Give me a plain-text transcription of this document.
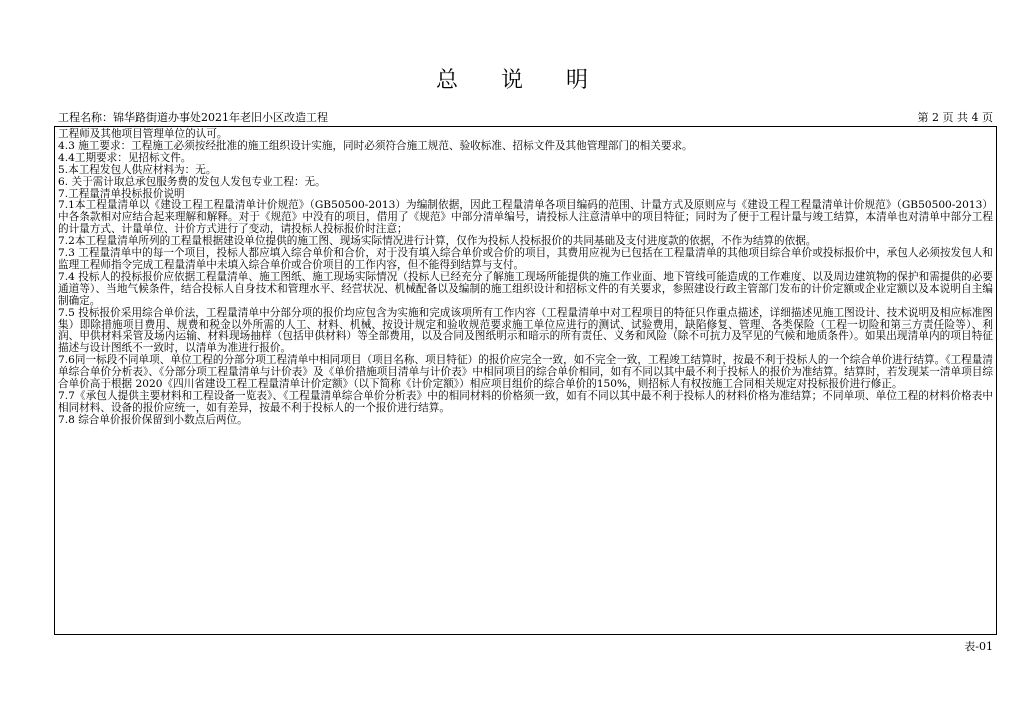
总 说 明
工程名称：锦华路街道办事处2021年老旧小区改造工程	第 2 页 共 4 页

工程师及其他项目管理单位的认可。

4.3 施工要求：工程施工必须按经批准的施工组织设计实施，同时必须符合施工规范、验收标准、招标文件及其他管理部门的相关要求。

4.4工期要求：见招标文件。

5.本工程发包人供应材料为：无。

6. 关于需计取总承包服务费的发包人发包专业工程：无。

7.工程量清单投标报价说明

7.1本工程量清单以《建设工程工程量清单计价规范》（GB50500-2013）为编制依据，因此工程量清单各项目编码的范围、计量方式及原则应与《建设工程工程量清单计价规范》（GB50500-2013）中各条款相对应结合起来理解和解释。对于《规范》中没有的项目，借用了《规范》中部分清单编号，请投标人注意清单中的项目特征；同时为了便于工程计量与竣工结算，本清单也对清单中部分工程的计量方式、计量单位、计价方式进行了变动，请投标人投标报价时注意；

7.2本工程量清单所列的工程量根据建设单位提供的施工图、现场实际情况进行计算，仅作为投标人投标报价的共同基础及支付进度款的依据，不作为结算的依据。

7.3 工程量清单中的每一个项目，投标人都应填入综合单价和合价，对于没有填入综合单价或合价的项目，其费用应视为已包括在工程量清单的其他项目综合单价或投标报价中，承包人必须按发包人和监理工程师指令完成工程量清单中未填入综合单价或合价项目的工作内容，但不能得到结算与支付。

7.4 投标人的投标报价应依据工程量清单、施工图纸、施工现场实际情况（投标人已经充分了解施工现场所能提供的施工作业面、地下管线可能造成的工作难度、以及周边建筑物的保护和需提供的必要通道等）、当地气候条件，结合投标人自身技术和管理水平、经营状况、机械配备以及编制的施工组织设计和招标文件的有关要求，参照建设行政主管部门发布的计价定额或企业定额以及本说明自主编制确定。

7.5 投标报价采用综合单价法，工程量清单中分部分项的报价均应包含为实施和完成该项所有工作内容（工程量清单中对工程项目的特征只作重点描述，详细描述见施工图设计、技术说明及相应标准图集）即除措施项目费用、规费和税金以外所需的人工、材料、机械、按设计规定和验收规范要求施工单位应进行的测试、试验费用，缺陷修复、管理、各类保险（工程一切险和第三方责任险等）、利润、甲供材料采管及场内运输、材料现场抽样（包括甲供材料）等全部费用，以及合同及图纸明示和暗示的所有责任、义务和风险（除不可抗力及罕见的气候和地质条件）。如果出现清单内的项目特征描述与设计图纸不一致时，以清单为准进行报价。

7.6同一标段不同单项、单位工程的分部分项工程清单中相同项目（项目名称、项目特征）的报价应完全一致，如不完全一致，工程竣工结算时，按最不利于投标人的一个综合单价进行结算。《工程量清单综合单价分析表》、《分部分项工程量清单与计价表》及《单价措施项目清单与计价表》中相同项目的综合单价相同，如有不同以其中最不利于投标人的报价为准结算。结算时，若发现某一清单项目综合单价高于根据 2020《四川省建设工程工程量清单计价定额》（以下简称《计价定额》）相应项目组价的综合单价的150%，则招标人有权按施工合同相关规定对投标报价进行修正。

7.7《承包人提供主要材料和工程设备一览表》、《工程量清单综合单价分析表》中的相同材料的价格须一致，如有不同以其中最不利于投标人的材料价格为准结算；不同单项、单位工程的材料价格表中相同材料、设备的报价应统一，如有差异，按最不利于投标人的一个报价进行结算。

7.8 综合单价报价保留到小数点后两位。

表-01
